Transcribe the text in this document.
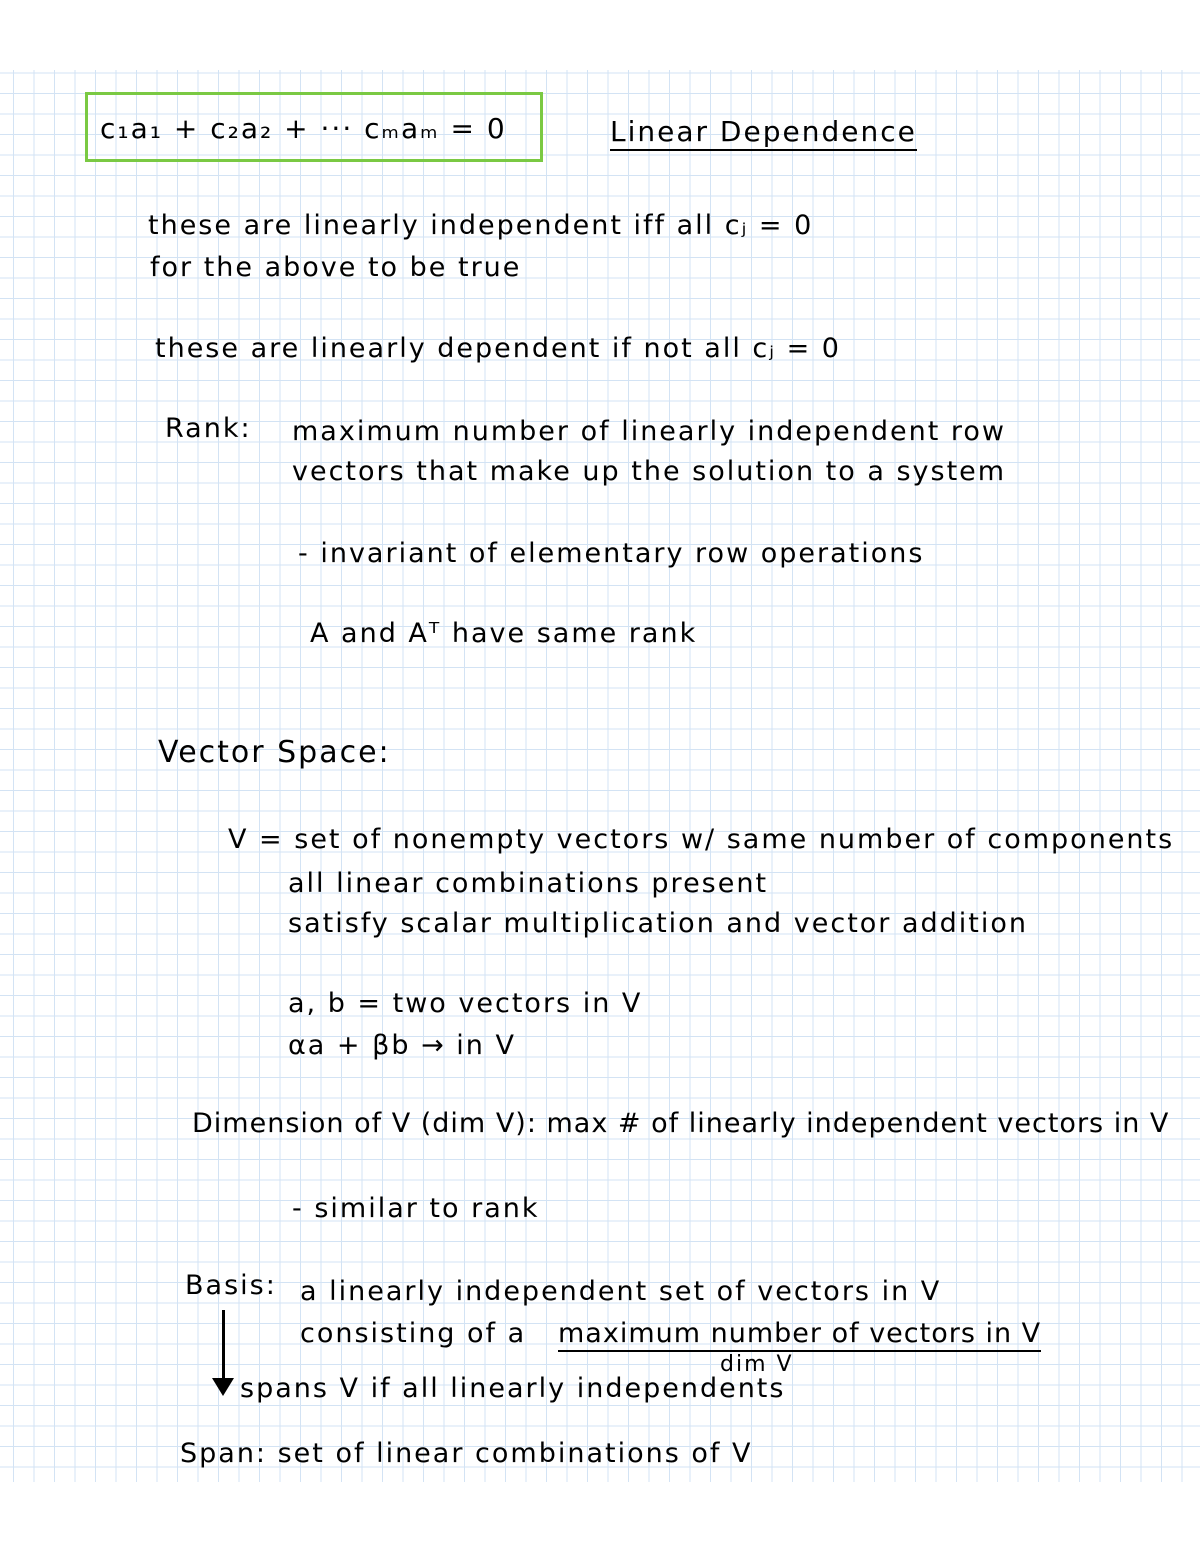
c₁a₁ + c₂a₂ + ··· cₘaₘ = 0	Linear Dependence
these are linearly independent iff all cⱼ = 0
for the above to be true
these are linearly dependent if not all cⱼ = 0
Rank: maximum number of linearly independent row
vectors that make up the solution to a system
- invariant of elementary row operations
A and Aᵀ have same rank
Vector Space:
V = set of nonempty vectors w/ same number of components
all linear combinations present
satisfy scalar multiplication and vector addition
a, b = two vectors in V
αa + βb → in V
Dimension of V (dim V): max # of linearly independent vectors in V
- similar to rank
Basis: a linearly independent set of vectors in V
consisting of a maximum number of vectors in V
dim V
spans V if all linearly independents
Span: set of linear combinations of V
